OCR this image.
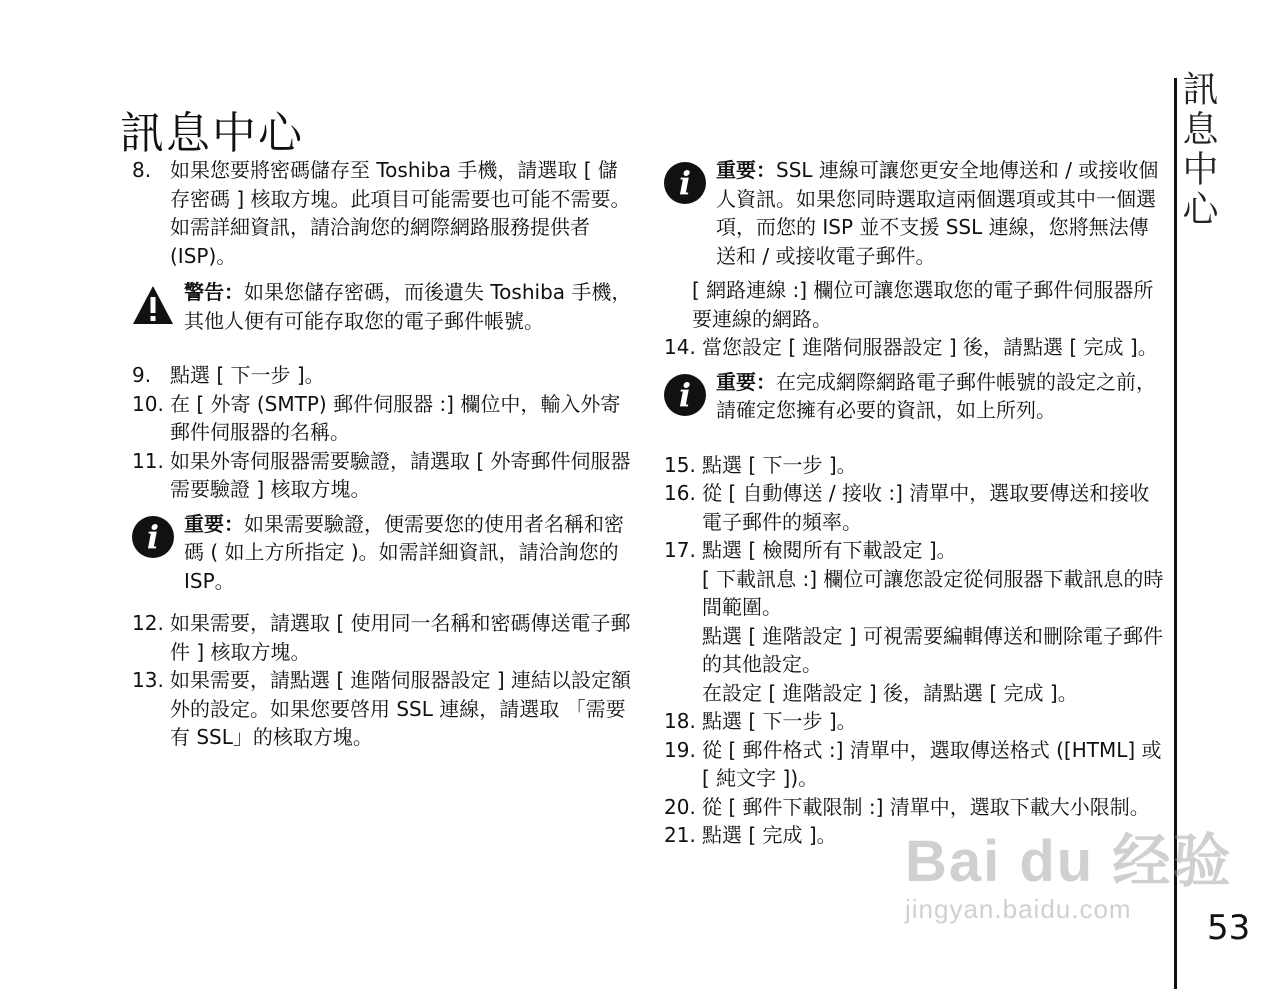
訊息中心	訊息中心
53
8. 如果您要將密碼儲存至 Toshiba 手機，請選取 [ 儲存密碼 ] 核取方塊。此項目可能需要也可能不需要。如需詳細資訊，請洽詢您的網際網路服務提供者 (ISP)。
警告：如果您儲存密碼，而後遺失 Toshiba 手機，其他人便有可能存取您的電子郵件帳號。
9. 點選 [ 下一步 ]。
10. 在 [ 外寄 (SMTP) 郵件伺服器 :] 欄位中，輸入外寄郵件伺服器的名稱。
11. 如果外寄伺服器需要驗證，請選取 [ 外寄郵件伺服器需要驗證 ] 核取方塊。
i	重要：如果需要驗證，便需要您的使用者名稱和密碼 ( 如上方所指定 )。如需詳細資訊，請洽詢您的 ISP。
12. 如果需要，請選取 [ 使用同一名稱和密碼傳送電子郵件 ] 核取方塊。
13. 如果需要，請點選 [ 進階伺服器設定 ] 連結以設定額外的設定。如果您要啓用 SSL 連線，請選取 「需要有 SSL」的核取方塊。
i	重要：SSL 連線可讓您更安全地傳送和 / 或接收個人資訊。如果您同時選取這兩個選項或其中一個選項，而您的 ISP 並不支援 SSL 連線，您將無法傳送和 / 或接收電子郵件。
[ 網路連線 :] 欄位可讓您選取您的電子郵件伺服器所要連線的網路。
14. 當您設定 [ 進階伺服器設定 ] 後，請點選 [ 完成 ]。
i	重要：在完成網際網路電子郵件帳號的設定之前，請確定您擁有必要的資訊，如上所列。
15. 點選 [ 下一步 ]。
16. 從 [ 自動傳送 / 接收 :] 清單中，選取要傳送和接收電子郵件的頻率。
17. 點選 [ 檢閱所有下載設定 ]。
[ 下載訊息 :] 欄位可讓您設定從伺服器下載訊息的時間範圍。
點選 [ 進階設定 ] 可視需要編輯傳送和刪除電子郵件的其他設定。
在設定 [ 進階設定 ] 後，請點選 [ 完成 ]。
18. 點選 [ 下一步 ]。
19. 從 [ 郵件格式 :] 清單中，選取傳送格式 ([HTML] 或 [ 純文字 ])。
20. 從 [ 郵件下載限制 :] 清單中，選取下載大小限制。
21. 點選 [ 完成 ]。	Bai du 经验
jingyan.baidu.com
